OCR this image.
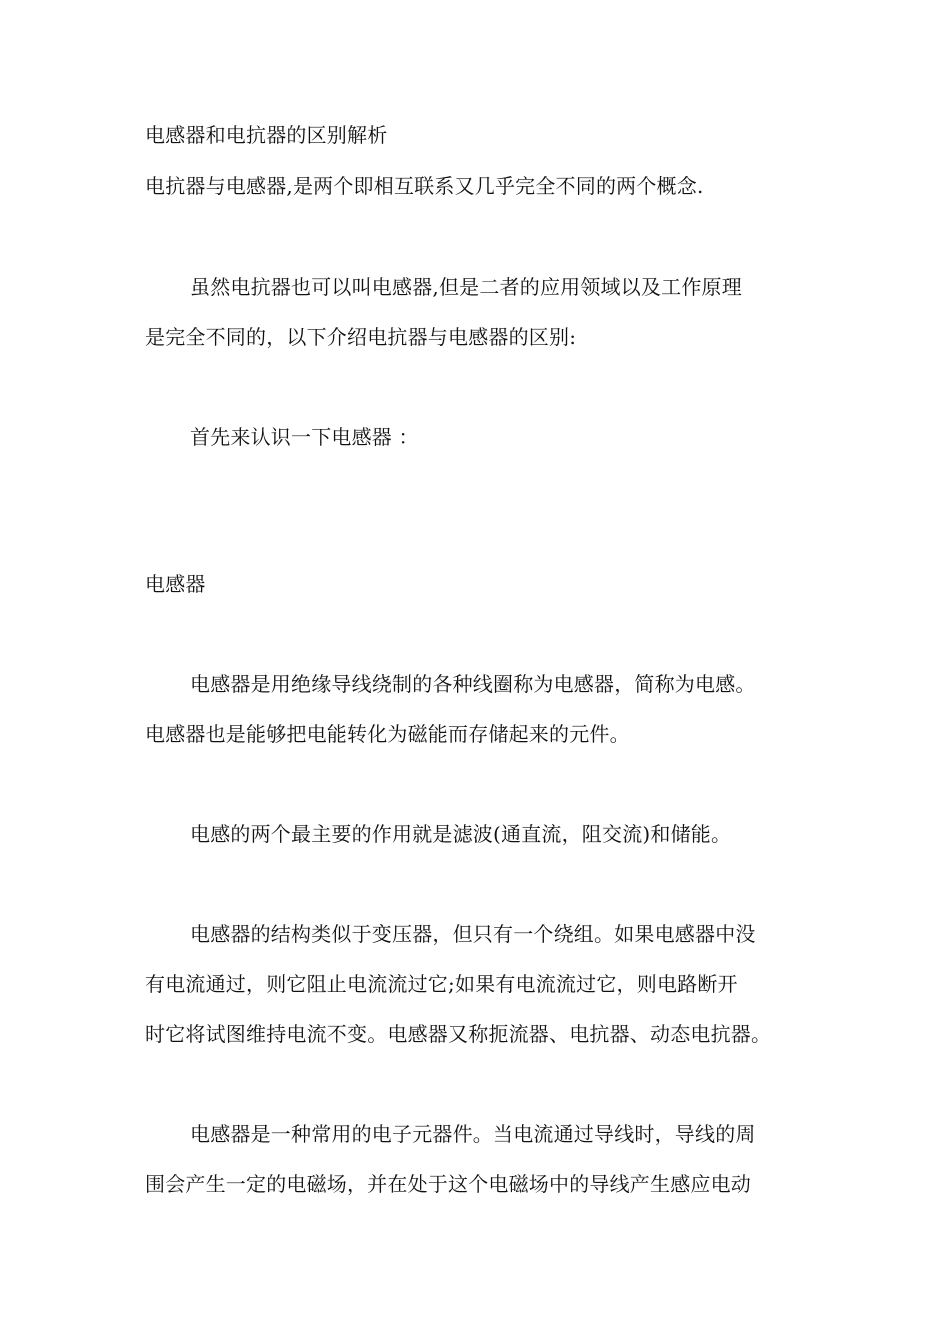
电感器和电抗器的区别解析
电抗器与电感器,是两个即相互联系又几乎完全不同的两个概念.
虽然电抗器也可以叫电感器,但是二者的应用领域以及工作原理
是完全不同的，以下介绍电抗器与电感器的区别:
首先来认识一下电感器 ：
电感器
电感器是用绝缘导线绕制的各种线圈称为电感器，简称为电感。
电感器也是能够把电能转化为磁能而存储起来的元件。
电感的两个最主要的作用就是滤波(通直流，阻交流)和储能。
电感器的结构类似于变压器，但只有一个绕组。如果电感器中没
有电流通过，则它阻止电流流过它;如果有电流流过它，则电路断开
时它将试图维持电流不变。电感器又称扼流器、电抗器、动态电抗器。
电感器是一种常用的电子元器件。当电流通过导线时，导线的周
围会产生一定的电磁场，并在处于这个电磁场中的导线产生感应电动
